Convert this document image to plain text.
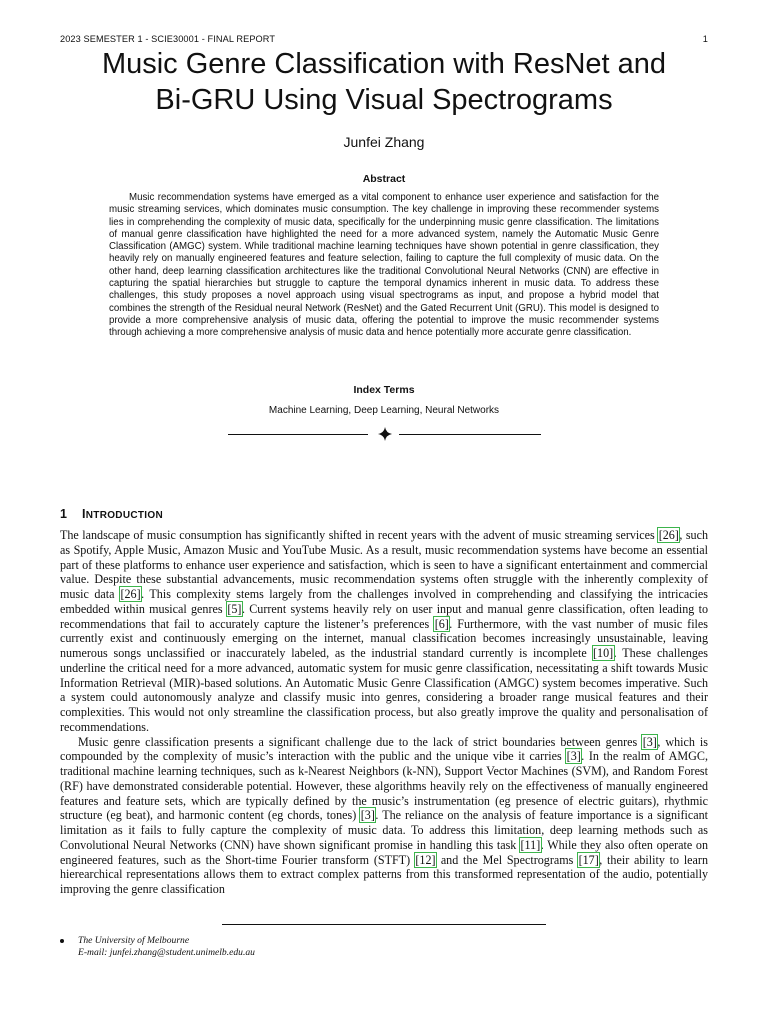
2023 SEMESTER 1 - SCIE30001 - FINAL REPORT	1
Music Genre Classification with ResNet and
Bi-GRU Using Visual Spectrograms
Junfei Zhang
Abstract

Music recommendation systems have emerged as a vital component to enhance user experience and satisfaction for the music streaming services, which dominates music consumption. The key challenge in improving these recommender systems lies in comprehending the complexity of music data, specifically for the underpinning music genre classification. The limitations of manual genre classification have highlighted the need for a more advanced system, namely the Automatic Music Genre Classification (AMGC) system. While traditional machine learning techniques have shown potential in genre classification, they heavily rely on manually engineered features and feature selection, failing to capture the full complexity of music data. On the other hand, deep learning classification architectures like the traditional Convolutional Neural Networks (CNN) are effective in capturing the spatial hierarchies but struggle to capture the temporal dynamics inherent in music data. To address these challenges, this study proposes a novel approach using visual spectrograms as input, and propose a hybrid model that combines the strength of the Residual neural Network (ResNet) and the Gated Recurrent Unit (GRU). This model is designed to provide a more comprehensive analysis of music data, offering the potential to improve the music recommender systems through achieving a more comprehensive analysis of music data and hence potentially more accurate genre classification.

Index Terms
Machine Learning, Deep Learning, Neural Networks
1 INTRODUCTION

The landscape of music consumption has significantly shifted in recent years with the advent of music streaming services [26], such as Spotify, Apple Music, Amazon Music and YouTube Music. As a result, music recommendation systems have become an essential part of these platforms to enhance user experience and satisfaction, which is seen to have a significant entertainment and commercial value. Despite these substantial advancements, music recommendation systems often struggle with the inherently complexity of music data [26]. This complexity stems largely from the challenges involved in comprehending and classifying the intricacies embedded within musical genres [5]. Current systems heavily rely on user input and manual genre classification, often leading to recommendations that fail to accurately capture the listener’s preferences [6]. Furthermore, with the vast number of music files currently exist and continuously emerging on the internet, manual classification becomes increasingly unsustainable, leaving numerous songs unclassified or inaccurately labeled, as the industrial standard currently is incomplete [10]. These challenges underline the critical need for a more advanced, automatic system for music genre classification, necessitating a shift towards Music Information Retrieval (MIR)-based solutions. An Automatic Music Genre Classification (AMGC) system becomes imperative. Such a system could autonomously analyze and classify music into genres, considering a broader range musical features and their complexities. This would not only streamline the classification process, but also greatly improve the quality and personalisation of recommendations.

Music genre classification presents a significant challenge due to the lack of strict boundaries between genres [3], which is compounded by the complexity of music’s interaction with the public and the unique vibe it carries [3]. In the realm of AMGC, traditional machine learning techniques, such as k-Nearest Neighbors (k-NN), Support Vector Machines (SVM), and Random Forest (RF) have demonstrated considerable potential. However, these algorithms heavily rely on the effectiveness of manually engineered features and feature sets, which are typically defined by the music’s instrumentation (eg presence of electric guitars), rhythmic structure (eg beat), and harmonic content (eg chords, tones) [3]. The reliance on the analysis of feature importance is a significant limitation as it fails to fully capture the complexity of music data. To address this limitation, deep learning methods such as Convolutional Neural Networks (CNN) have shown significant promise in handling this task [11]. While they also often operate on engineered features, such as the Short-time Fourier transform (STFT) [12] and the Mel Spectrograms [17], their ability to learn hierearchical representations allows them to extract complex patterns from this transformed representation of the audio, potentially improving the genre classification

The University of Melbourne
E-mail: junfei.zhang@student.unimelb.edu.au
